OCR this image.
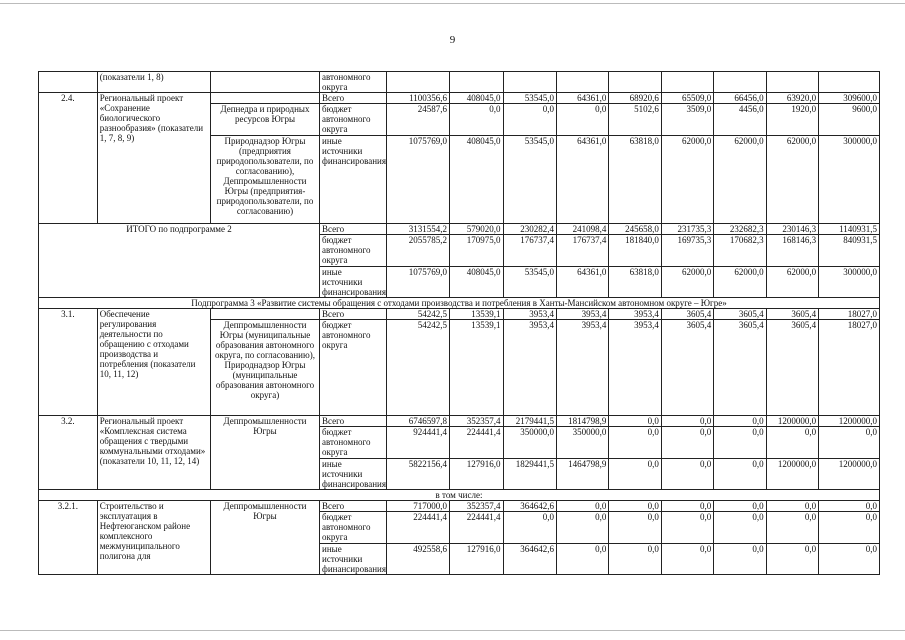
9
	(показатели 1, 8)		автономного округа									
2.4.	Региональный проект «Сохранение биологического разнообразия» (показатели 1, 7, 8, 9)		Всего	1100356,6	408045,0	53545,0	64361,0	68920,6	65509,0	66456,0	63920,0	309600,0
		Депнедра и природных ресурсов Югры	бюджет автономного округа	24587,6	0,0	0,0	0,0	5102,6	3509,0	4456,0	1920,0	9600,0
		Природнадзор Югры (предприятия природопользователи, по согласованию), Деппромышленности Югры (предприятия-природопользователи, по согласованию)	иные источники финансирования	1075769,0	408045,0	53545,0	64361,0	63818,0	62000,0	62000,0	62000,0	300000,0
ИТОГО по подпрограмме 2			Всего	3131554,2	579020,0	230282,4	241098,4	245658,0	231735,3	232682,3	230146,3	1140931,5
			бюджет автономного округа	2055785,2	170975,0	176737,4	176737,4	181840,0	169735,3	170682,3	168146,3	840931,5
			иные источники финансирования	1075769,0	408045,0	53545,0	64361,0	63818,0	62000,0	62000,0	62000,0	300000,0
Подпрограмма 3 «Развитие системы обращения с отходами производства и потребления в Ханты-Мансийском автономном округе – Югре»												
3.1.	Обеспечение регулирования деятельности по обращению с отходами производства и потребления (показатели 10, 11, 12)		Всего	54242,5	13539,1	3953,4	3953,4	3953,4	3605,4	3605,4	3605,4	18027,0
		Деппромышленности Югры (муниципальные образования автономного округа, по согласованию), Природнадзор Югры (муниципальные образования автономного округа)	бюджет автономного округа	54242,5	13539,1	3953,4	3953,4	3953,4	3605,4	3605,4	3605,4	18027,0
3.2.	Региональный проект «Комплексная система обращения с твердыми коммунальными отходами» (показатели 10, 11, 12, 14)	Деппромышленности Югры	Всего	6746597,8	352357,4	2179441,5	1814798,9	0,0	0,0	0,0	1200000,0	1200000,0
			бюджет автономного округа	924441,4	224441,4	350000,0	350000,0	0,0	0,0	0,0	0,0	0,0
			иные источники финансирования	5822156,4	127916,0	1829441,5	1464798,9	0,0	0,0	0,0	1200000,0	1200000,0
в том числе:												
3.2.1.	Строительство и эксплуатация в Нефтеюганском районе комплексного межмуниципального полигона для	Деппромышленности Югры	Всего	717000,0	352357,4	364642,6	0,0	0,0	0,0	0,0	0,0	0,0
			бюджет автономного округа	224441,4	224441,4	0,0	0,0	0,0	0,0	0,0	0,0	0,0
			иные источники финансирования	492558,6	127916,0	364642,6	0,0	0,0	0,0	0,0	0,0	0,0
